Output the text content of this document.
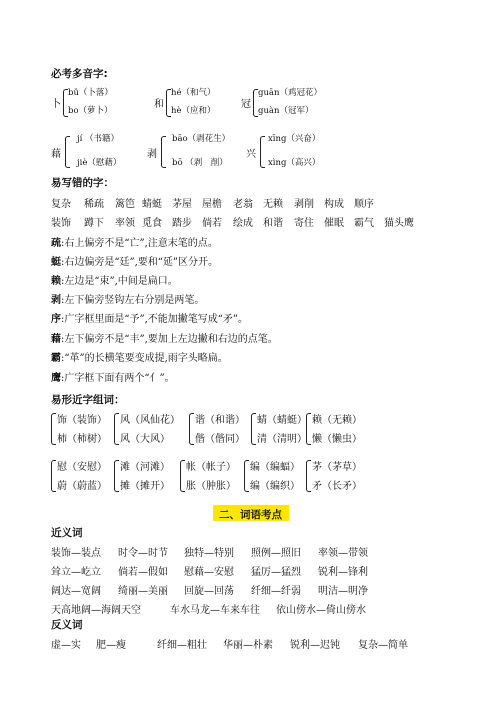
必考多音字:
卜
bǔ（卜落）
bo（萝卜）
和
hé（和气）
hè（应和）
冠
guān（鸡冠花）
guàn（冠军）
藉
jí （书籍）
jiè（慰藉）
剥
bāo（剥花生）
bō （剥　削）
兴
xīng（兴奋）
xìng（高兴）
易写错的字：
复杂 稀疏 篱笆 蜻蜓 茅屋 屋檐 老翁 无赖 剥削 构成 顺序
装饰 蹲下 率领 觅食 踏步 倘若 绘成 和谐 寄住 催眠 霸气 猫头鹰
疏:右上偏旁不是“亡”,注意末笔的点。
蜓:右边偏旁是“廷”,要和“延”区分开。
赖:左边是“束”,中间是扁口。
剥:左下偏旁竖钩左右分别是两笔。
序:广字框里面是“予”,不能加撇笔写成“矛”。
藉:左下偏旁不是“丰”,要加上左边撇和右边的点笔。
霸:“革”的长横笔要变成提,雨字头略扁。
鹰:广字框下面有两个“亻”。
易形近字组词：
饰（装饰）
柿（柿树）
风（风仙花）
风（大风）
谐（和谐）
偕（偕同）
蜻（蜻蜓）
清（清明）
赖（无赖）
懒（懒虫）
慰（安慰）
蔚（蔚蓝）
滩（河滩）
摊（摊开）
帐（帐子）
胀（肿胀）
编（编蝠）
编（编织）
茅（茅草）
矛（长矛）
二、词语考点
近义词
装饰—装点 时令—时节 独特—特别 照例—照旧 率领—带领
耸立—屹立 倘若—假如 慰藉—安慰 猛厉—猛烈 锐利—锋利
阔达—宽阔 绮丽—美丽 回旋—回荡 纤细—纤弱 明洁—明净
天高地阔—海阔天空	车水马龙—车来车往 依山傍水—倚山傍水
反义词
虚—实 肥—瘦	纤细—粗壮 华丽—朴素 锐利—迟钝 复杂—简单
